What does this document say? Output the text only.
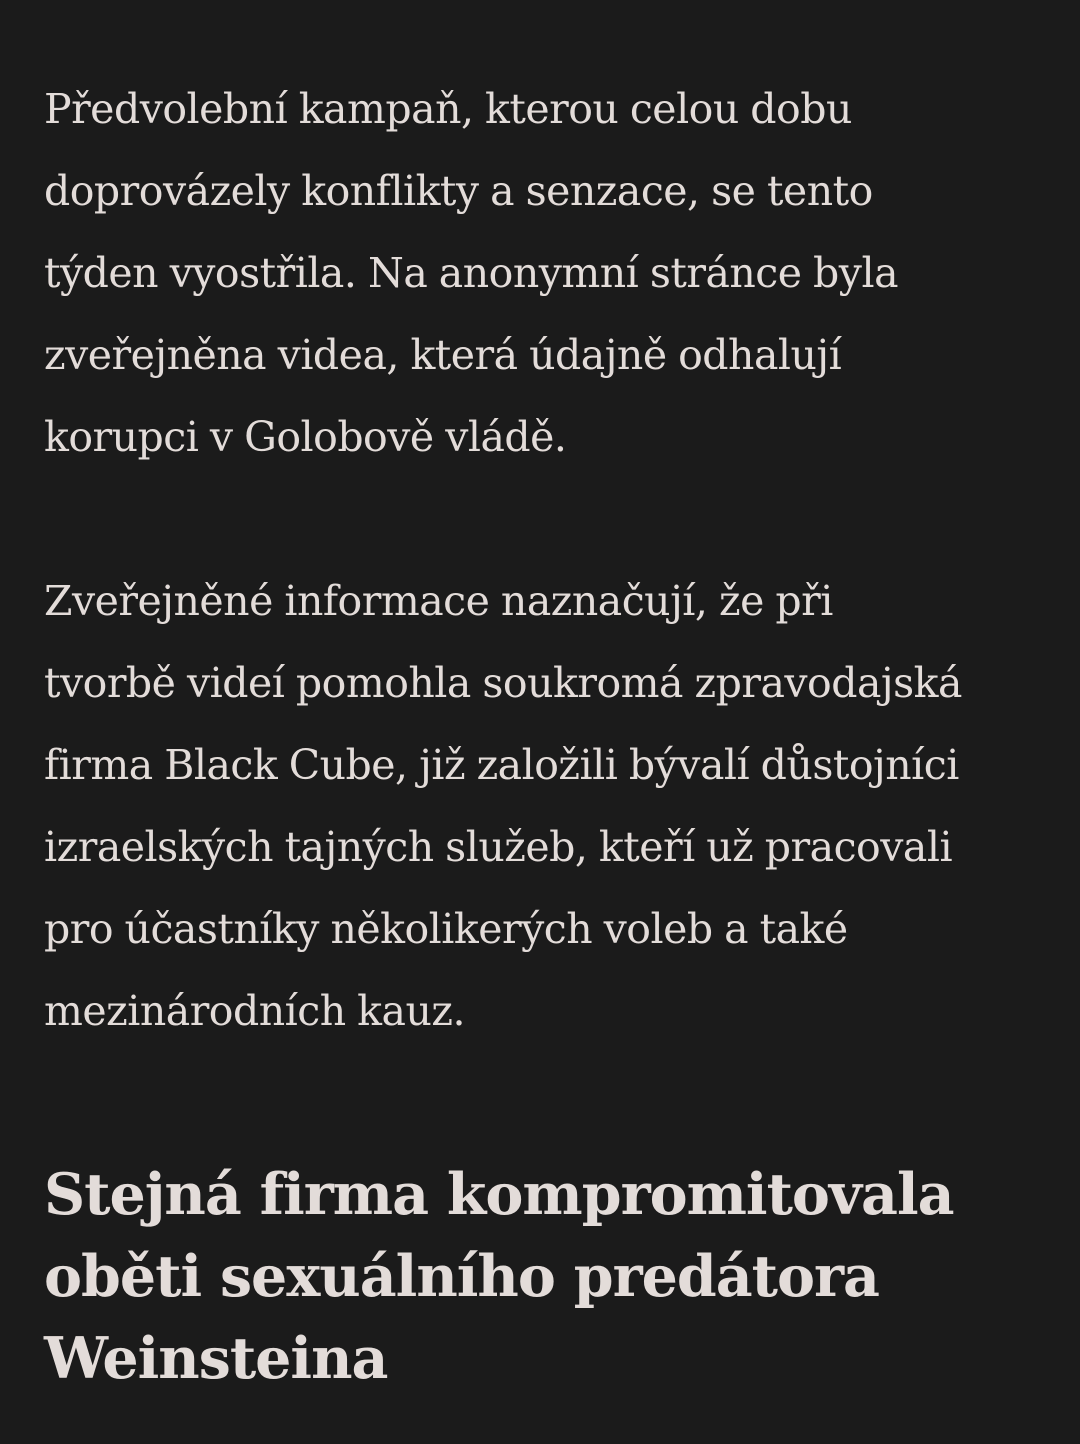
Předvolební kampaň, kterou celou dobu
doprovázely konflikty a senzace, se tento
týden vyostřila. Na anonymní stránce byla
zveřejněna videa, která údajně odhalují
korupci v Golobově vládě.

Zveřejněné informace naznačují, že při
tvorbě videí pomohla soukromá zpravodajská
firma Black Cube, již založili bývalí důstojníci
izraelských tajných služeb, kteří už pracovali
pro účastníky několikerých voleb a také
mezinárodních kauz.

Stejná firma kompromitovala
oběti sexuálního predátora
Weinsteina
